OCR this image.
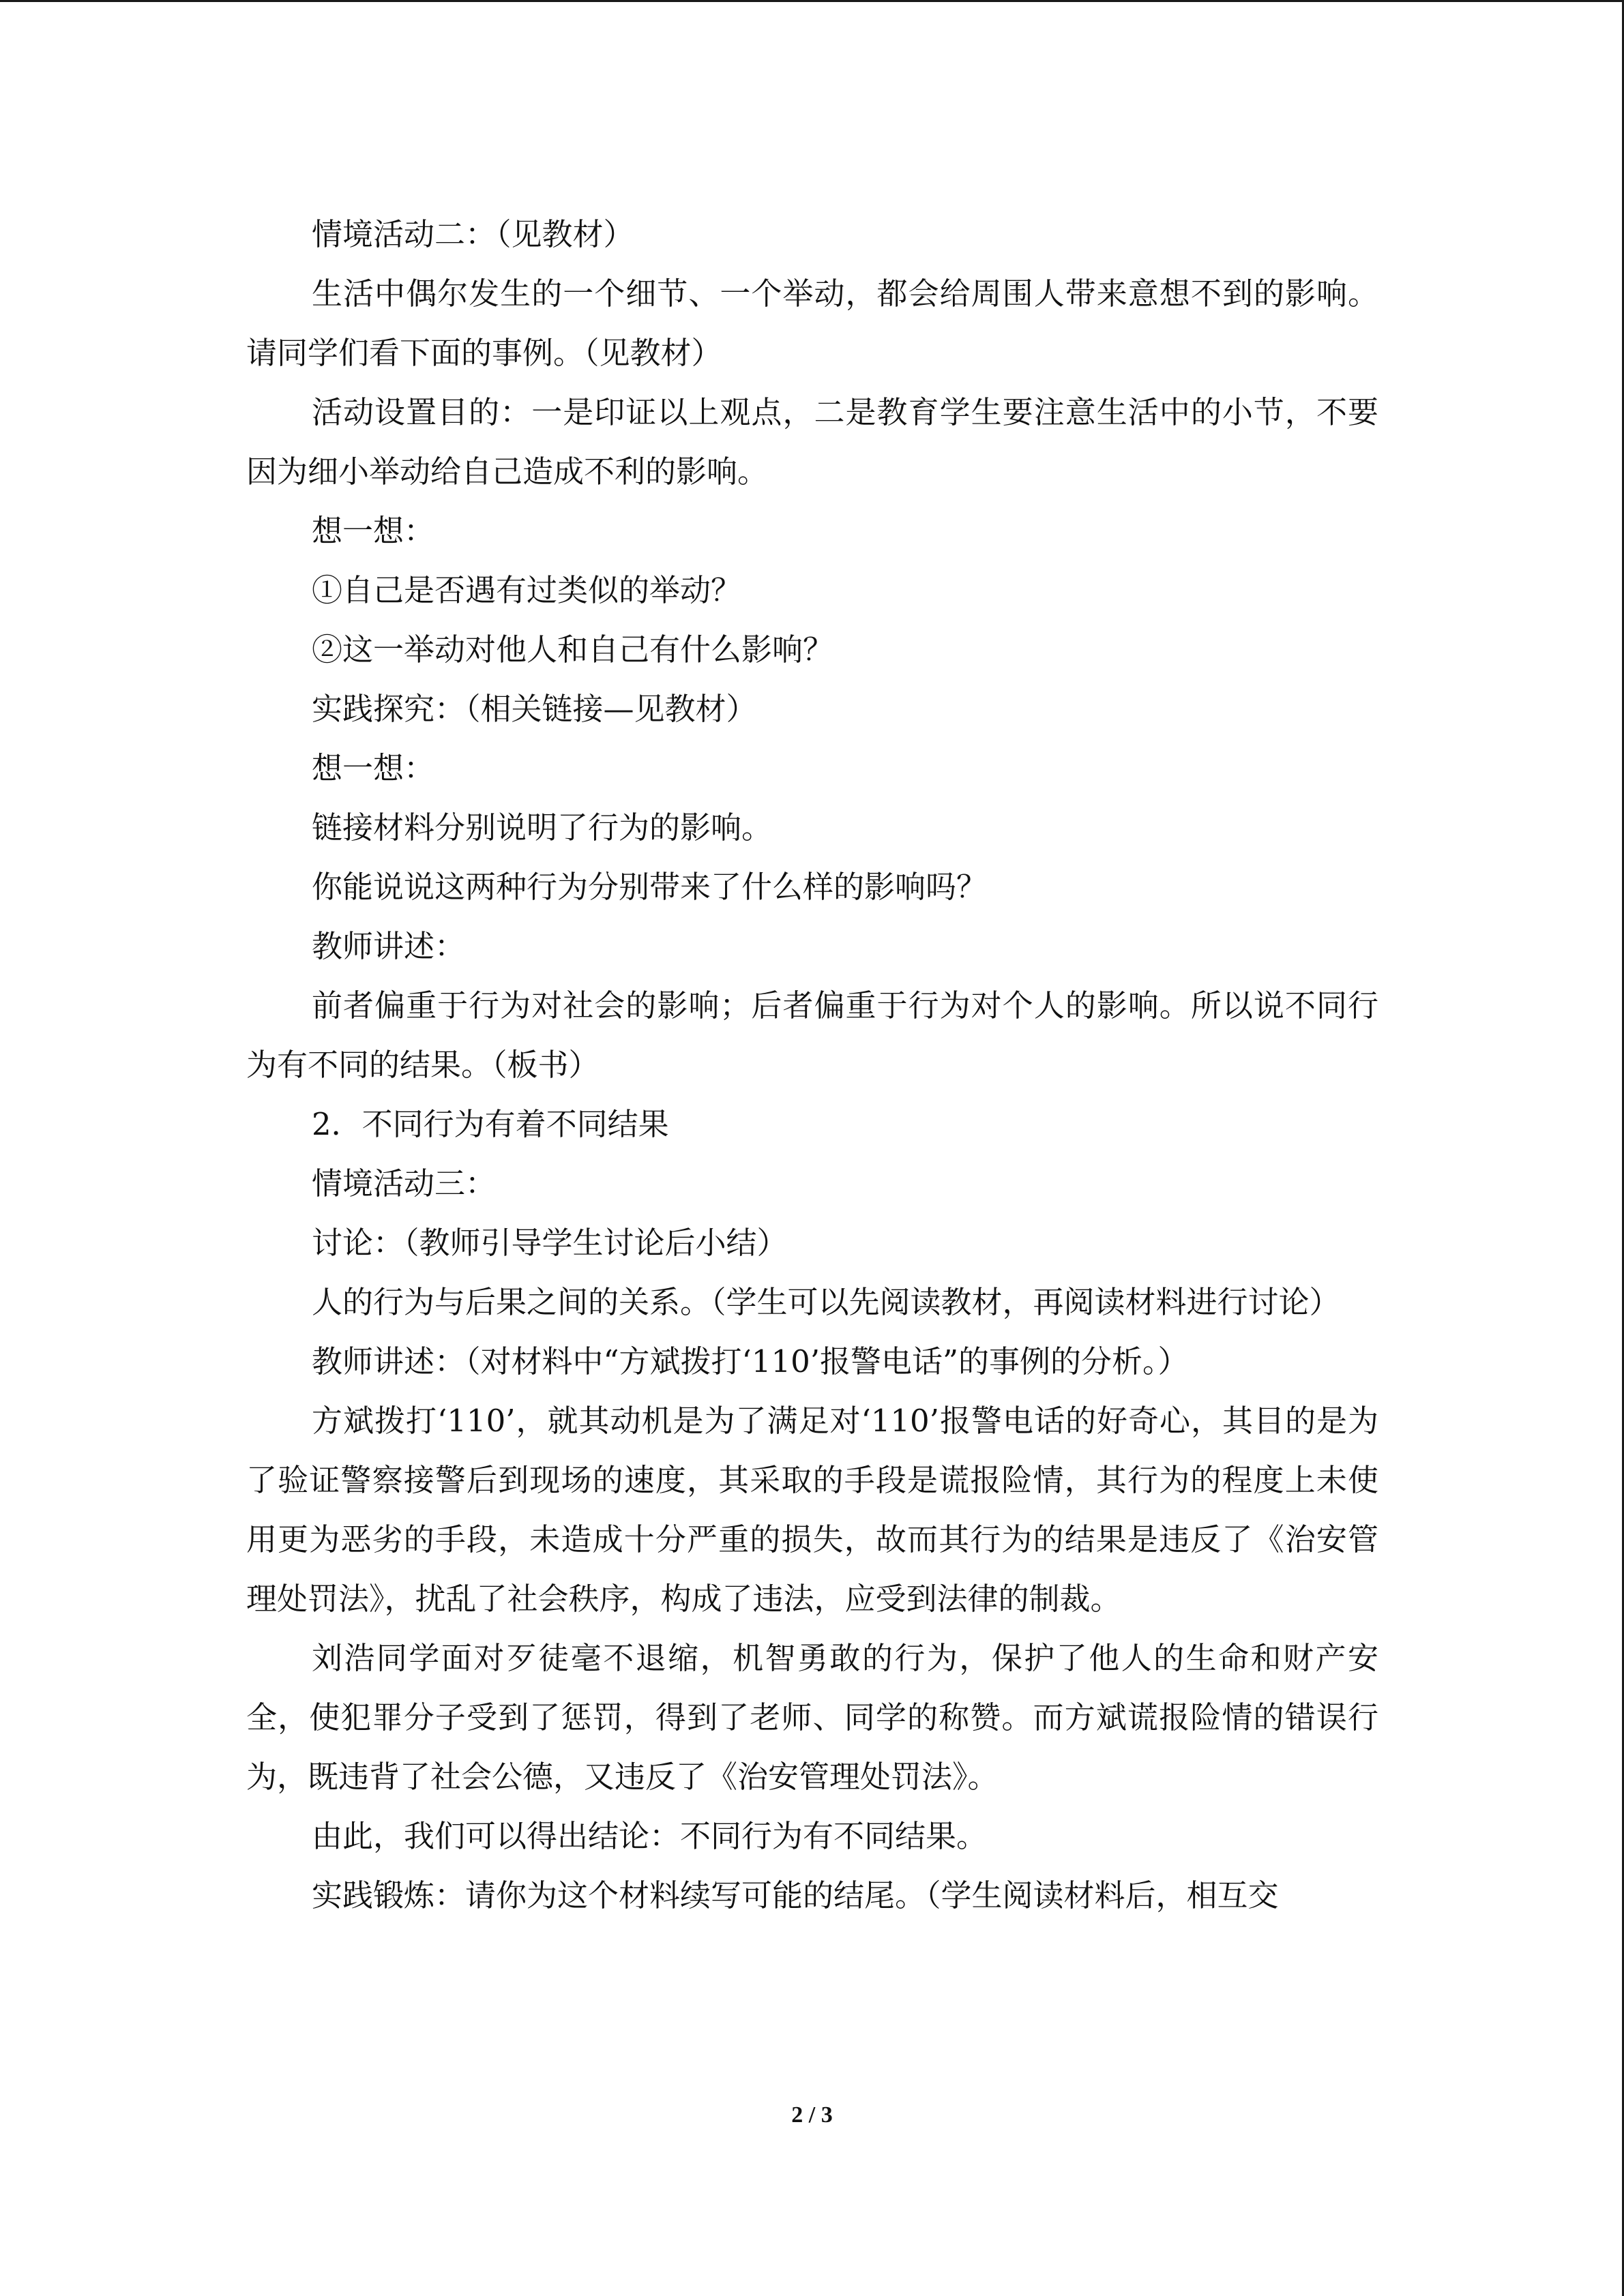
情境活动二：（见教材）

生活中偶尔发生的一个细节、一个举动，都会给周围人带来意想不到的影响。请同学们看下面的事例。（见教材）

活动设置目的：一是印证以上观点，二是教育学生要注意生活中的小节，不要因为细小举动给自己造成不利的影响。

想一想：

①自己是否遇有过类似的举动？

②这一举动对他人和自己有什么影响？

实践探究：（相关链接—见教材）

想一想：

链接材料分别说明了行为的影响。

你能说说这两种行为分别带来了什么样的影响吗？

教师讲述：

前者偏重于行为对社会的影响；后者偏重于行为对个人的影响。所以说不同行为有不同的结果。（板书）

2．不同行为有着不同结果

情境活动三：

讨论：（教师引导学生讨论后小结）

人的行为与后果之间的关系。（学生可以先阅读教材，再阅读材料进行讨论）

教师讲述：（对材料中“方斌拨打‘110’报警电话”的事例的分析。）

方斌拨打‘110’，就其动机是为了满足对‘110’报警电话的好奇心，其目的是为了验证警察接警后到现场的速度，其采取的手段是谎报险情，其行为的程度上未使用更为恶劣的手段，未造成十分严重的损失，故而其行为的结果是违反了《治安管理处罚法》，扰乱了社会秩序，构成了违法，应受到法律的制裁。

刘浩同学面对歹徒毫不退缩，机智勇敢的行为，保护了他人的生命和财产安全，使犯罪分子受到了惩罚，得到了老师、同学的称赞。而方斌谎报险情的错误行为，既违背了社会公德，又违反了《治安管理处罚法》。

由此，我们可以得出结论：不同行为有不同结果。

实践锻炼：请你为这个材料续写可能的结尾。（学生阅读材料后，相互交

2 / 3
